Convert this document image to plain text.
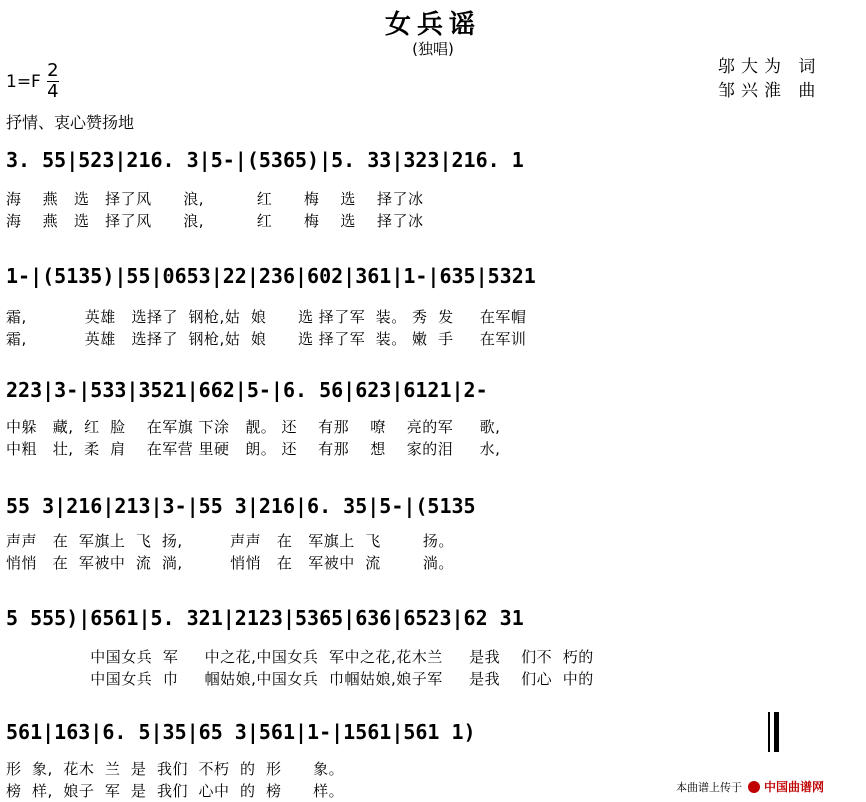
女兵谣
(独唱)
邬大为 词
邹兴淮 曲
$1=F \frac{2}{4}$
抒情、衷心赞扬地
3. 55|523|216. 3|5-|(5365)|5. 33|323|216. 1
海    燕   选   择了风      浪,          红      梅    选    择了冰
海    燕   选   择了风      浪,          红      梅    选    择了冰
1-|(5135)|55|0653|22|236|602|361|1-|635|5321
霜,           英雄   选择了  钢枪,姑  娘      选 择了军  装。 秀  发     在军帽
霜,           英雄   选择了  钢枪,姑  娘      选 择了军  装。 嫩  手     在军训
223|3-|533|3521|662|5-|6. 56|623|6121|2-
中躲   藏,  红  脸    在军旗 下涂   靓。 还    有那    嘹    亮的军     歌,
中粗   壮,  柔  肩    在军营 里硬   朗。 还    有那    想    家的泪     水,
55 3|216|213|3-|55 3|216|6. 35|5-|(5135
声声   在  军旗上  飞  扬,         声声   在   军旗上  飞        扬。
悄悄   在  军被中  流  淌,         悄悄   在   军被中  流        淌。
5 555)|6561|5. 321|2123|5365|636|6523|62 31
中国女兵  军     中之花,中国女兵  军中之花,花木兰     是我    们不  朽的
中国女兵  巾     帼姑娘,中国女兵  巾帼姑娘,娘子军     是我    们心  中的
561|163|6. 5|35|65 3|561|1-|1561|561 1)
形  象,  花木  兰  是  我们  不朽  的  形      象。
榜  样,  娘子  军  是  我们  心中  的  榜      样。	本曲谱上传于 中国曲谱网
